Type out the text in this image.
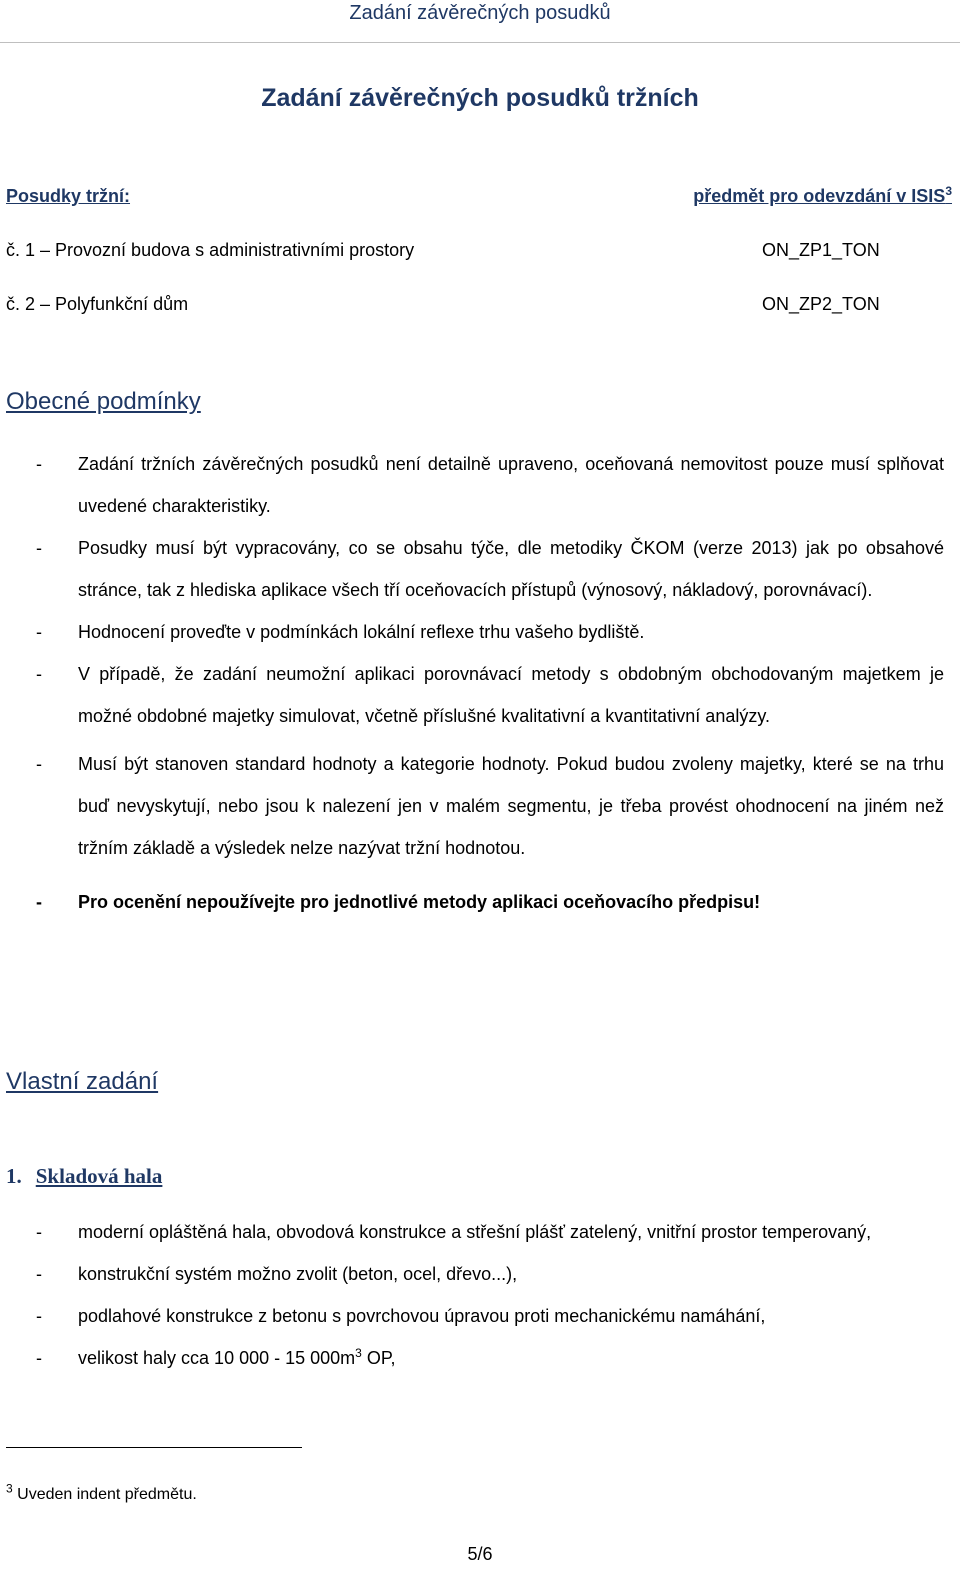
Zadání závěrečných posudků
Zadání závěrečných posudků tržních
Posudky tržní:	předmět pro odevzdání v ISIS$^3$
č. 1 – Provozní budova s administrativními prostory	ON_ZP1_TON
č. 2 – Polyfunkční dům	ON_ZP2_TON
Obecné podmínky
- Zadání tržních závěrečných posudků není detailně upraveno, oceňovaná nemovitost pouze musí splňovat uvedené charakteristiky.
- Posudky musí být vypracovány, co se obsahu týče, dle metodiky ČKOM (verze 2013) jak po obsahové stránce, tak z hlediska aplikace všech tří oceňovacích přístupů (výnosový, nákladový, porovnávací).
- Hodnocení proveďte v podmínkách lokální reflexe trhu vašeho bydliště.
- V případě, že zadání neumožní aplikaci porovnávací metody s obdobným obchodovaným majetkem je možné obdobné majetky simulovat, včetně příslušné kvalitativní a kvantitativní analýzy.
- Musí být stanoven standard hodnoty a kategorie hodnoty. Pokud budou zvoleny majetky, které se na trhu buď nevyskytují, nebo jsou k nalezení jen v malém segmentu, je třeba provést ohodnocení na jiném než tržním základě a výsledek nelze nazývat tržní hodnotou.
- Pro ocenění nepoužívejte pro jednotlivé metody aplikaci oceňovacího předpisu!
Vlastní zadání
1. Skladová hala
- moderní opláštěná hala, obvodová konstrukce a střešní plášť zatelený, vnitřní prostor temperovaný,
- konstrukční systém možno zvolit (beton, ocel, dřevo...),
- podlahové konstrukce z betonu s povrchovou úpravou proti mechanickému namáhání,
- velikost haly cca 10 000 - 15 $000m^3$ OP,
$^3$ Uveden indent předmětu.
5/6
